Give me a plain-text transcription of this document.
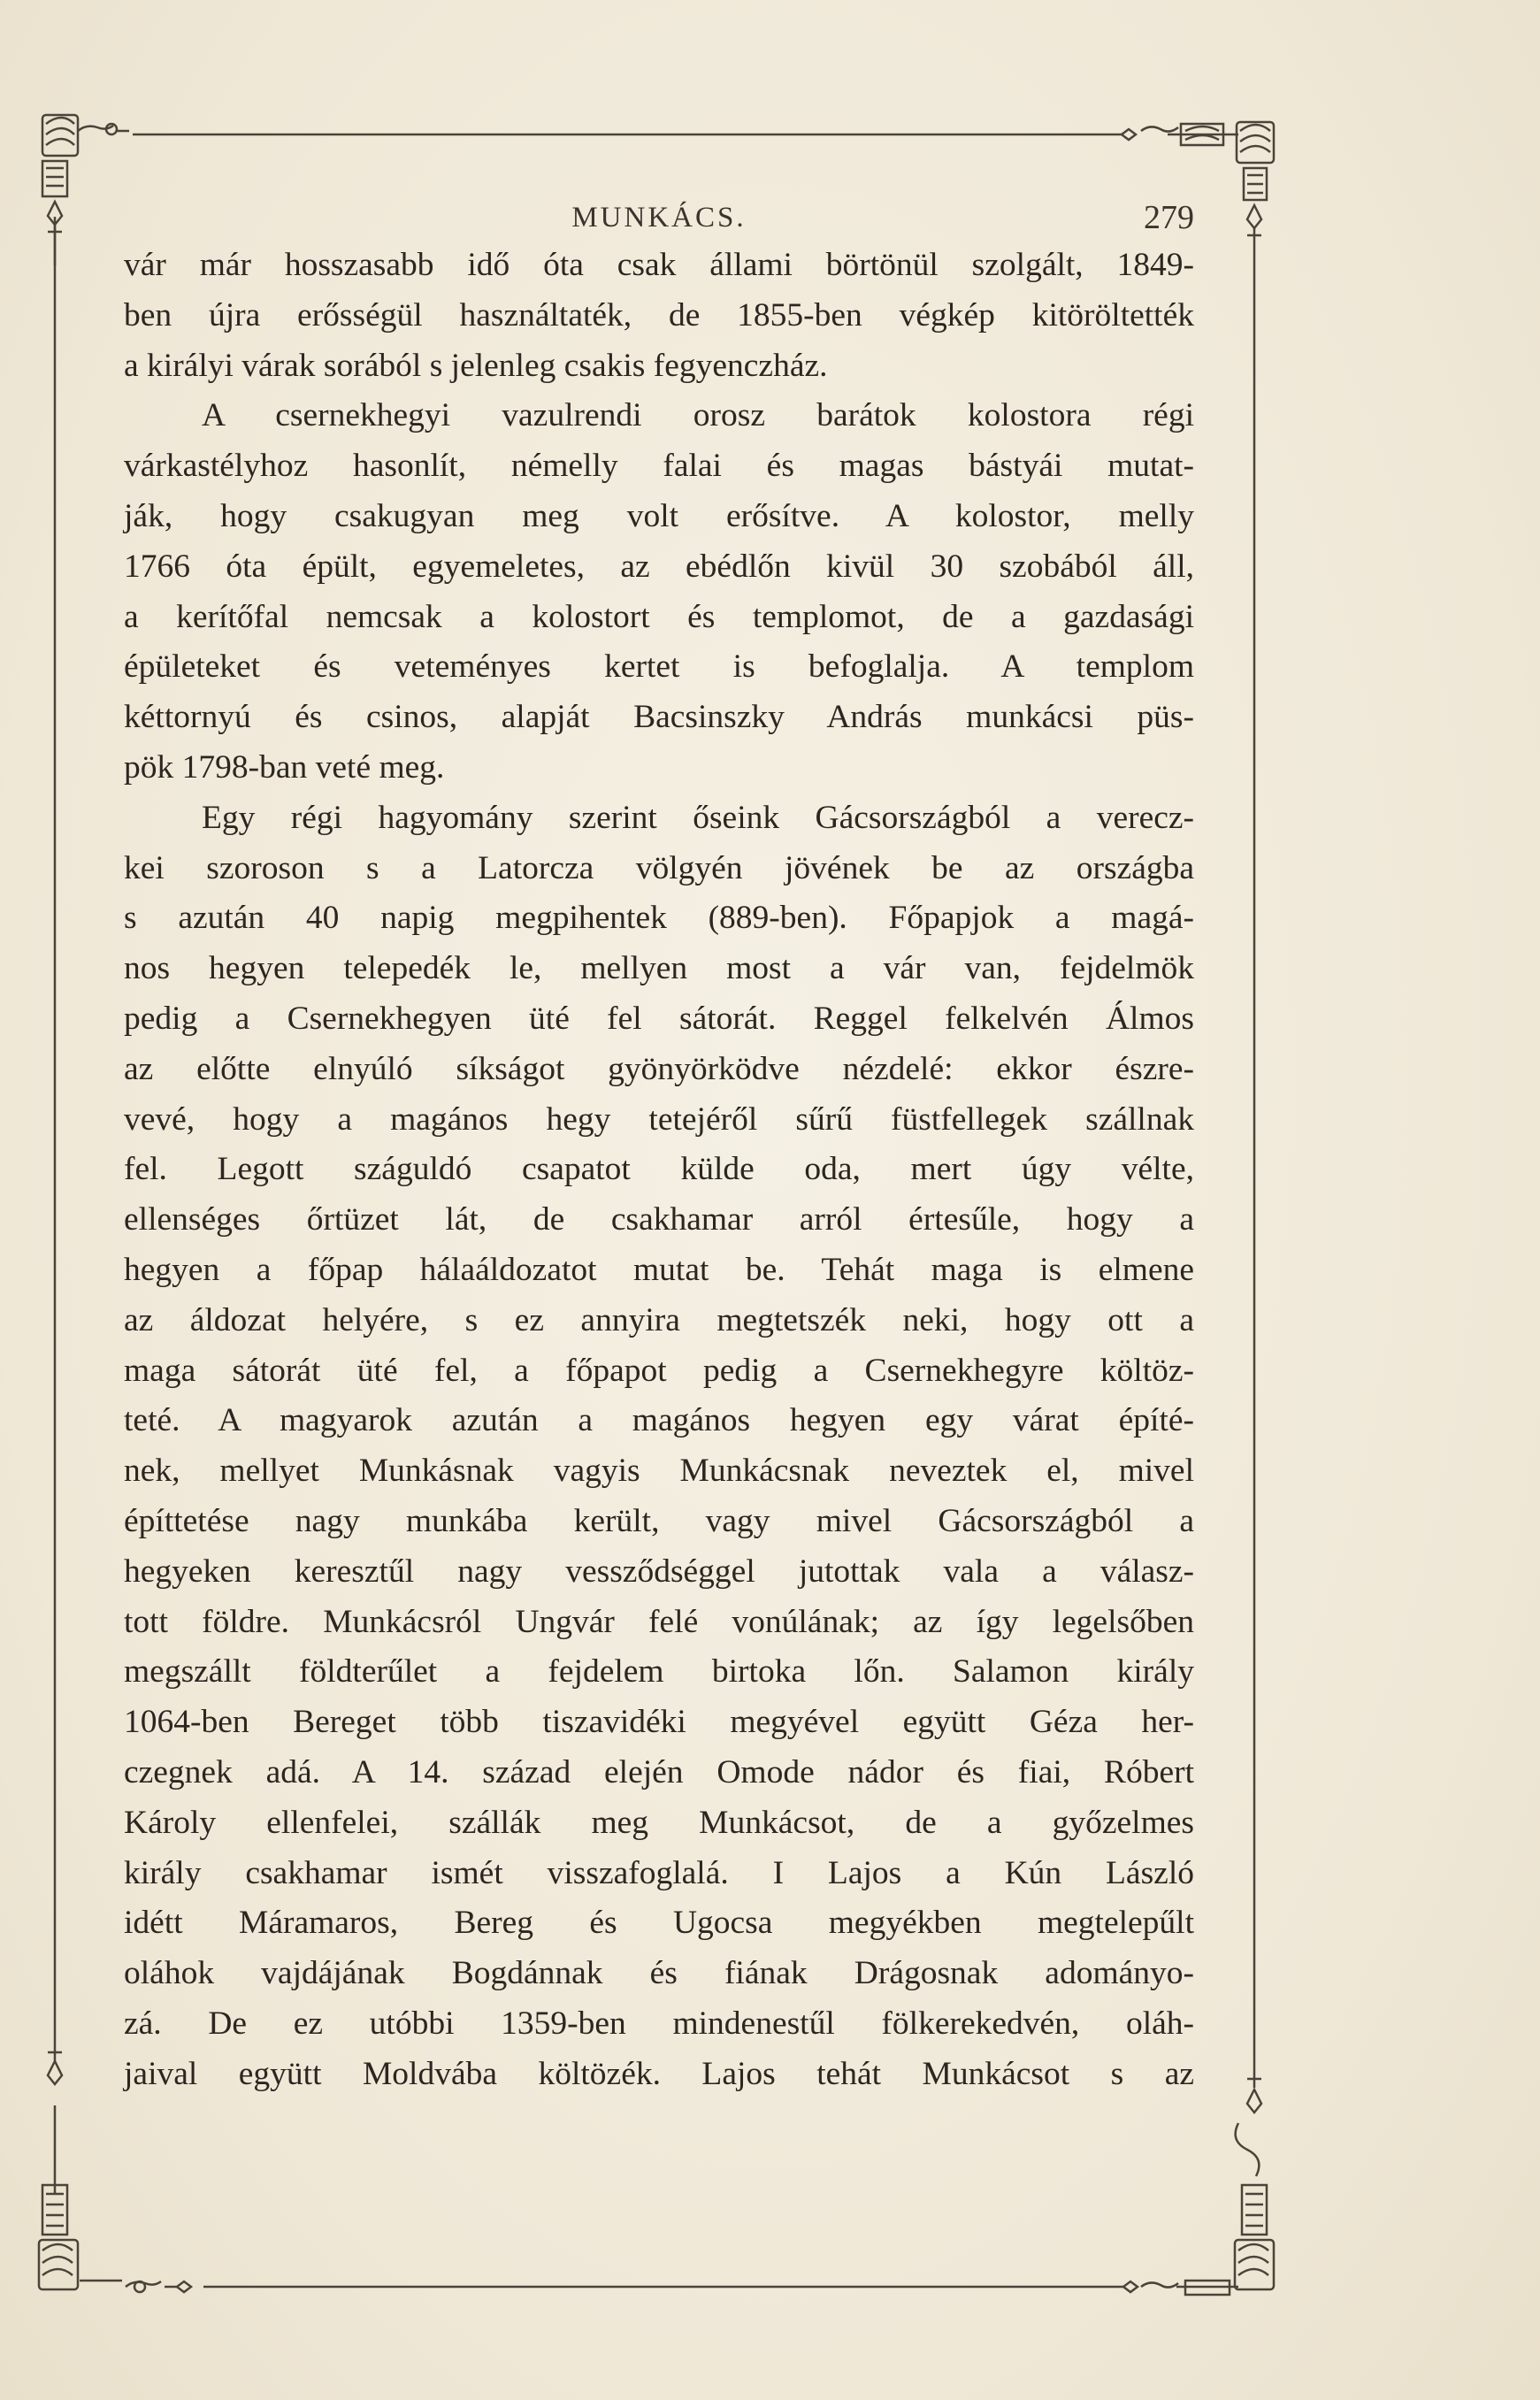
MUNKÁCS.	279
vár már hosszasabb idő óta csak állami börtönül szolgált, 1849-
ben újra erősségül használtaték, de 1855-ben végkép kitöröltették
a királyi várak sorából s jelenleg csakis fegyenczház.
A csernekhegyi vazulrendi orosz barátok kolostora régi
várkastélyhoz hasonlít, némelly falai és magas bástyái mutat-
ják, hogy csakugyan meg volt erősítve. A kolostor, melly
1766 óta épült, egyemeletes, az ebédlőn kivül 30 szobából áll,
a kerítőfal nemcsak a kolostort és templomot, de a gazdasági
épületeket és veteményes kertet is befoglalja. A templom
kéttornyú és csinos, alapját Bacsinszky András munkácsi püs-
pök 1798-ban veté meg.
Egy régi hagyomány szerint őseink Gácsországból a verecz-
kei szoroson s a Latorcza völgyén jövének be az országba
s azután 40 napig megpihentek (889-ben). Főpapjok a magá-
nos hegyen telepedék le, mellyen most a vár van, fejdelmök
pedig a Csernekhegyen üté fel sátorát. Reggel felkelvén Álmos
az előtte elnyúló síkságot gyönyörködve nézdelé: ekkor észre-
vevé, hogy a magános hegy tetejéről sűrű füstfellegek szállnak
fel. Legott száguldó csapatot külde oda, mert úgy vélte,
ellenséges őrtüzet lát, de csakhamar arról értesűle, hogy a
hegyen a főpap hálaáldozatot mutat be. Tehát maga is elmene
az áldozat helyére, s ez annyira megtetszék neki, hogy ott a
maga sátorát üté fel, a főpapot pedig a Csernekhegyre költöz-
teté. A magyarok azután a magános hegyen egy várat építé-
nek, mellyet Munkásnak vagyis Munkácsnak neveztek el, mivel
építtetése nagy munkába került, vagy mivel Gácsországból a
hegyeken keresztűl nagy vessződséggel jutottak vala a válasz-
tott földre. Munkácsról Ungvár felé vonúlának; az így legelsőben
megszállt földterűlet a fejdelem birtoka lőn. Salamon király
1064-ben Bereget több tiszavidéki megyével együtt Géza her-
czegnek adá. A 14. század elején Omode nádor és fiai, Róbert
Károly ellenfelei, szállák meg Munkácsot, de a győzelmes
király csakhamar ismét visszafoglalá. I Lajos a Kún László
idétt Máramaros, Bereg és Ugocsa megyékben megtelepűlt
oláhok vajdájának Bogdánnak és fiának Drágosnak adományo-
zá. De ez utóbbi 1359-ben mindenestűl fölkerekedvén, oláh-
jaival együtt Moldvába költözék. Lajos tehát Munkácsot s az
